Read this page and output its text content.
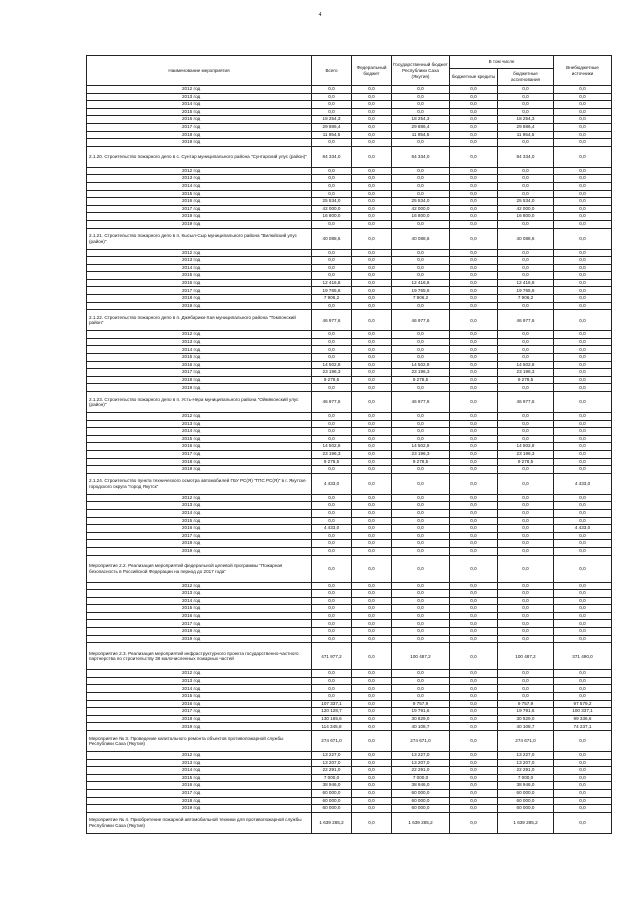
4
Наименование мероприятия	Всего	Федеральный бюджет	Государственный бюджет Республики Саха (Якутия)	В том числе		Внебюджетные источники
				бюджетные кредиты	бюджетные ассигнования	
2012 год	0,0	0,0	0,0	0,0	0,0	0,0
2013 год	0,0	0,0	0,0	0,0	0,0	0,0
2014 год	0,0	0,0	0,0	0,0	0,0	0,0
2015 год	0,0	0,0	0,0	0,0	0,0	0,0
2016 год	18 254,3	0,0	18 254,3	0,0	18 254,3	0,0
2017 год	29 886,4	0,0	29 886,4	0,0	29 886,4	0,0
2018 год	11 954,5	0,0	11 954,5	0,0	11 954,5	0,0
2019 год	0,0	0,0	0,0	0,0	0,0	0,0
2.1.20. Строительство пожарного депо в с. Сунтар муниципального района "Сунтарский улус (район)"	84 334,0	0,0	84 334,0	0,0	84 334,0	0,0
2012 год	0,0	0,0	0,0	0,0	0,0	0,0
2013 год	0,0	0,0	0,0	0,0	0,0	0,0
2014 год	0,0	0,0	0,0	0,0	0,0	0,0
2015 год	0,0	0,0	0,0	0,0	0,0	0,0
2016 год	25 534,0	0,0	25 534,0	0,0	25 534,0	0,0
2017 год	42 000,0	0,0	42 000,0	0,0	42 000,0	0,0
2018 год	16 800,0	0,0	16 800,0	0,0	16 800,0	0,0
2019 год	0,0	0,0	0,0	0,0	0,0	0,0
2.1.21. Строительство пожарного депо в п. Кысыл-Сыр муниципального района "Вилюйский улус (район)"	40 088,6	0,0	40 088,6	0,0	40 088,6	0,0
2012 год	0,0	0,0	0,0	0,0	0,0	0,0
2013 год	0,0	0,0	0,0	0,0	0,0	0,0
2014 год	0,0	0,0	0,0	0,0	0,0	0,0
2015 год	0,0	0,0	0,0	0,0	0,0	0,0
2016 год	12 416,8	0,0	12 416,8	0,0	12 416,8	0,0
2017 год	19 765,6	0,0	19 765,6	0,0	19 765,6	0,0
2018 год	7 906,2	0,0	7 906,2	0,0	7 906,2	0,0
2019 год	0,0	0,0	0,0	0,0	0,0	0,0
2.1.22. Строительство пожарного депо в п. Джебарики-Хая муниципального района "Томпонский район"	46 977,6	0,0	46 977,6	0,0	46 977,6	0,0
2012 год	0,0	0,0	0,0	0,0	0,0	0,0
2013 год	0,0	0,0	0,0	0,0	0,0	0,0
2014 год	0,0	0,0	0,0	0,0	0,0	0,0
2015 год	0,0	0,0	0,0	0,0	0,0	0,0
2016 год	14 502,8	0,0	14 502,8	0,0	14 502,8	0,0
2017 год	23 196,3	0,0	23 196,3	0,0	23 196,3	0,0
2018 год	9 278,5	0,0	9 278,5	0,0	9 278,5	0,0
2019 год	0,0	0,0	0,0	0,0	0,0	0,0
2.1.23. Строительство пожарного депо в п. Усть-Нера муниципального района "Оймяконский улус (район)"	46 977,6	0,0	46 977,6	0,0	46 977,6	0,0
2012 год	0,0	0,0	0,0	0,0	0,0	0,0
2013 год	0,0	0,0	0,0	0,0	0,0	0,0
2014 год	0,0	0,0	0,0	0,0	0,0	0,0
2015 год	0,0	0,0	0,0	0,0	0,0	0,0
2016 год	14 502,8	0,0	14 502,8	0,0	14 502,8	0,0
2017 год	23 196,3	0,0	23 196,3	0,0	23 196,3	0,0
2018 год	9 278,5	0,0	9 278,5	0,0	9 278,5	0,0
2019 год	0,0	0,0	0,0	0,0	0,0	0,0
2.1.24. Строительство пункта технического осмотра автомобилей ГБУ РС(Я) "ГПС РС(Я)" в г. Якутске городского округа "город Якутск"	4 433,0	0,0	0,0	0,0	0,0	4 433,0
2012 год	0,0	0,0	0,0	0,0	0,0	0,0
2013 год	0,0	0,0	0,0	0,0	0,0	0,0
2014 год	0,0	0,0	0,0	0,0	0,0	0,0
2015 год	0,0	0,0	0,0	0,0	0,0	0,0
2016 год	4 433,0	0,0	0,0	0,0	0,0	4 433,0
2017 год	0,0	0,0	0,0	0,0	0,0	0,0
2018 год	0,0	0,0	0,0	0,0	0,0	0,0
2019 год	0,0	0,0	0,0	0,0	0,0	0,0
Мероприятие 2.2. Реализация мероприятий федеральной целевой программы "Пожарная безопасность в Российской Федерации на период до 2017 года"	0,0	0,0	0,0	0,0	0,0	0,0
2012 год	0,0	0,0	0,0	0,0	0,0	0,0
2013 год	0,0	0,0	0,0	0,0	0,0	0,0
2014 год	0,0	0,0	0,0	0,0	0,0	0,0
2015 год	0,0	0,0	0,0	0,0	0,0	0,0
2016 год	0,0	0,0	0,0	0,0	0,0	0,0
2017 год	0,0	0,0	0,0	0,0	0,0	0,0
2018 год	0,0	0,0	0,0	0,0	0,0	0,0
2019 год	0,0	0,0	0,0	0,0	0,0	0,0
Мероприятие 2.3. Реализация мероприятий инфраструктурного проекта государственно-частного партнерства по строительству 38 малочисленных пожарных частей	471 977,2	0,0	100 487,2	0,0	100 487,2	371 490,0
2012 год	0,0	0,0	0,0	0,0	0,0	0,0
2013 год	0,0	0,0	0,0	0,0	0,0	0,0
2014 год	0,0	0,0	0,0	0,0	0,0	0,0
2015 год	0,0	0,0	0,0	0,0	0,0	0,0
2016 год	107 337,1	0,0	9 757,9	0,0	9 757,9	97 579,2
2017 год	120 128,7	0,0	19 791,6	0,0	19 791,6	100 337,1
2018 год	130 165,6	0,0	30 829,0	0,0	30 829,0	99 336,6
2019 год	114 345,8	0,0	40 108,7	0,0	40 108,7	74 237,1
Мероприятие № 3. Проведение капитального ремонта объектов противопожарной службы Республики Саха (Якутия)	274 671,0	0,0	274 671,0	0,0	274 671,0	0,0
2012 год	13 227,0	0,0	13 227,0	0,0	13 227,0	0,0
2013 год	13 207,0	0,0	13 207,0	0,0	13 207,0	0,0
2014 год	22 291,0	0,0	22 291,0	0,0	22 291,0	0,0
2015 год	7 000,0	0,0	7 000,0	0,0	7 000,0	0,0
2016 год	38 946,0	0,0	38 946,0	0,0	38 946,0	0,0
2017 год	60 000,0	0,0	60 000,0	0,0	60 000,0	0,0
2018 год	60 000,0	0,0	60 000,0	0,0	60 000,0	0,0
2019 год	60 000,0	0,0	60 000,0	0,0	60 000,0	0,0
Мероприятие № 4. Приобретение пожарной автомобильной техники для противопожарной службы Республики Саха (Якутия)	1 639 285,2	0,0	1 639 285,2	0,0	1 639 285,2	0,0
